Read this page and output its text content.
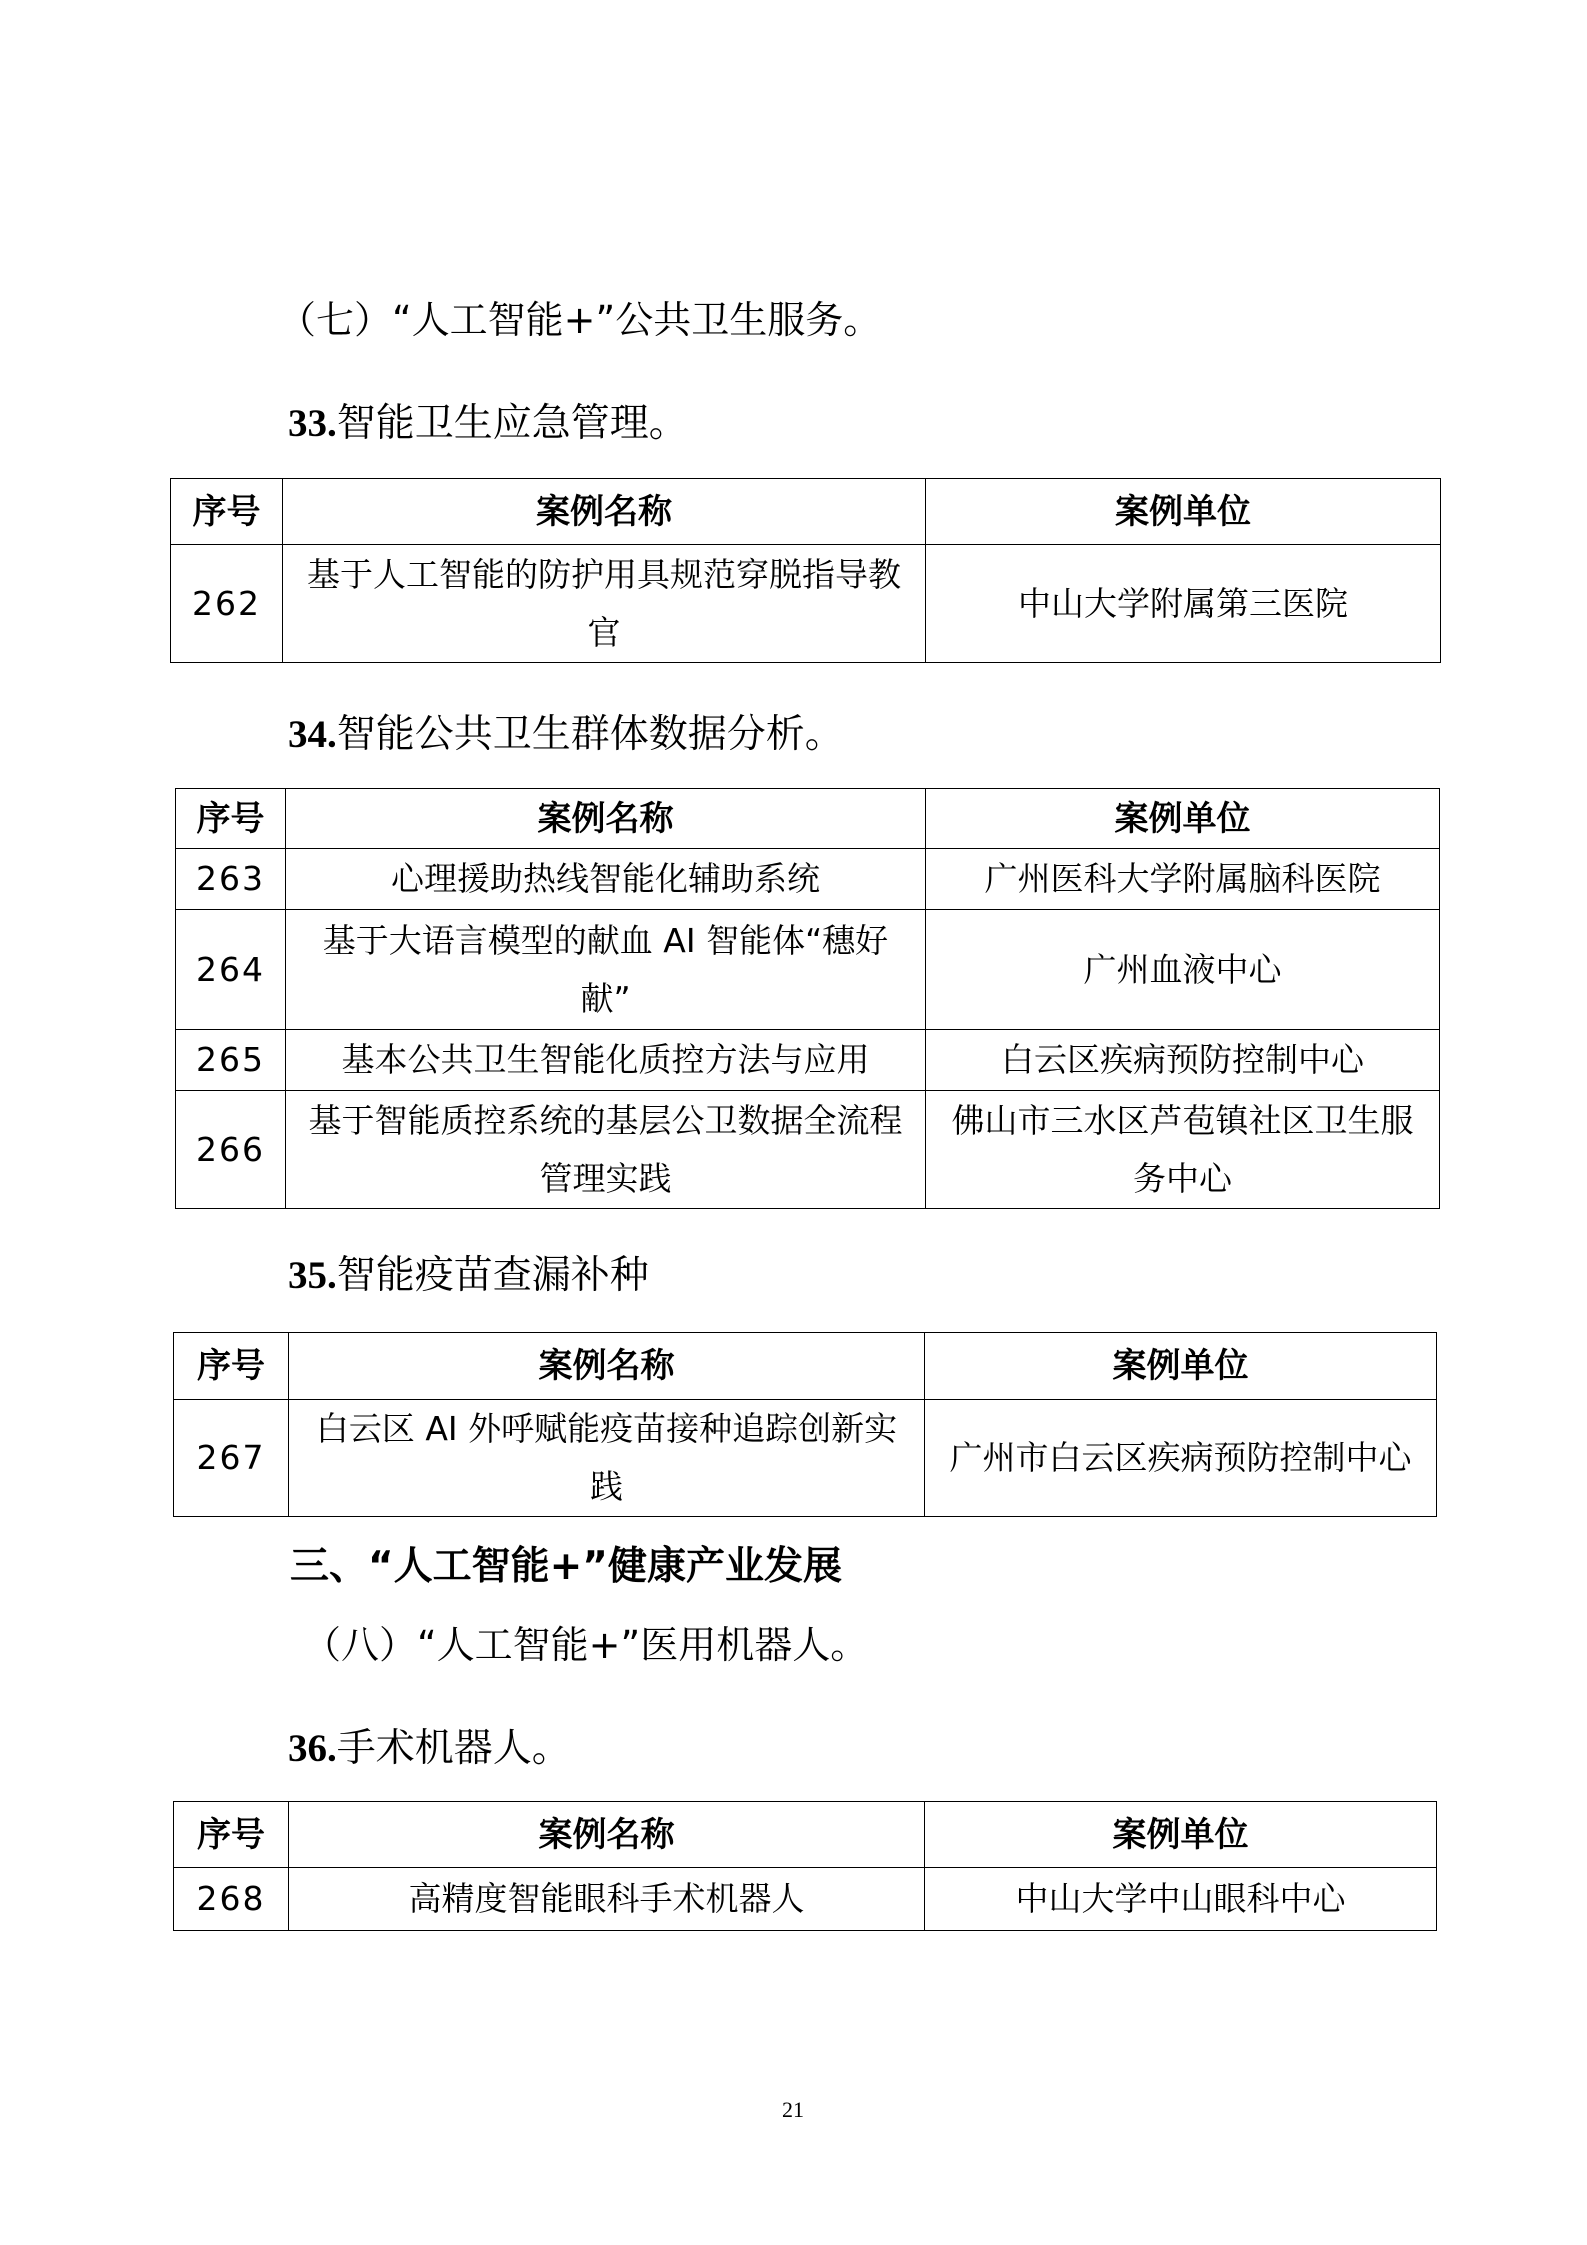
（七）“人工智能+”公共卫生服务。
33.智能卫生应急管理。
序号	案例名称	案例单位
262	基于人工智能的防护用具规范穿脱指导教官	中山大学附属第三医院
34.智能公共卫生群体数据分析。
序号	案例名称	案例单位
263	心理援助热线智能化辅助系统	广州医科大学附属脑科医院
264	基于大语言模型的献血 AI 智能体“穗好献”	广州血液中心
265	基本公共卫生智能化质控方法与应用	白云区疾病预防控制中心
266	基于智能质控系统的基层公卫数据全流程管理实践	佛山市三水区芦苞镇社区卫生服务中心
35.智能疫苗查漏补种
序号	案例名称	案例单位
267	白云区 AI 外呼赋能疫苗接种追踪创新实践	广州市白云区疾病预防控制中心
三、“人工智能+”健康产业发展
（八）“人工智能+”医用机器人。
36.手术机器人。
序号	案例名称	案例单位
268	高精度智能眼科手术机器人	中山大学中山眼科中心
21
